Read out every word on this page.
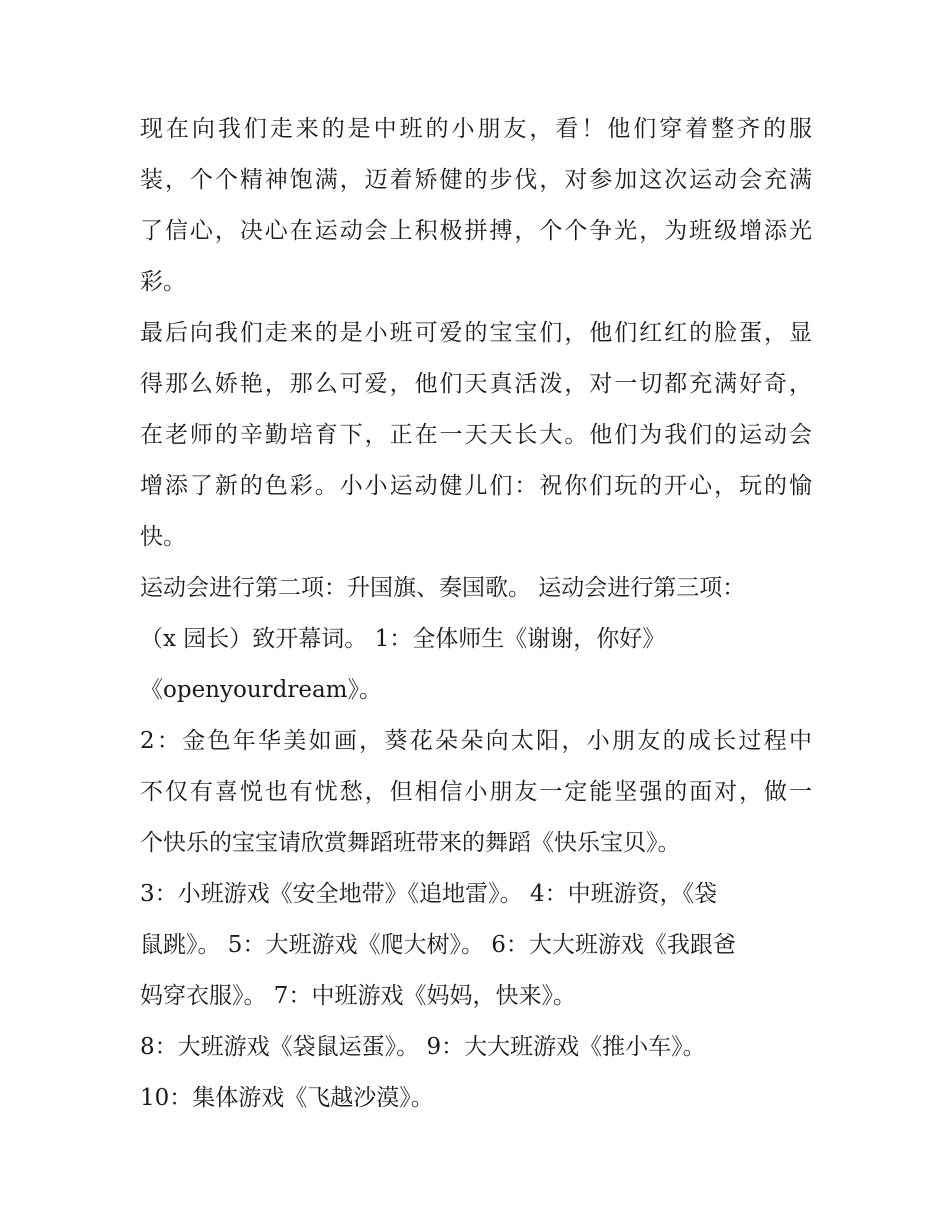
现在向我们走来的是中班的小朋友，看！他们穿着整齐的服
装，个个精神饱满，迈着矫健的步伐，对参加这次运动会充满
了信心，决心在运动会上积极拼搏，个个争光，为班级增添光
彩。
最后向我们走来的是小班可爱的宝宝们，他们红红的脸蛋，显
得那么娇艳，那么可爱，他们天真活泼，对一切都充满好奇，
在老师的辛勤培育下，正在一天天长大。他们为我们的运动会
增添了新的色彩。小小运动健儿们：祝你们玩的开心，玩的愉
快。
运动会进行第二项：升国旗、奏国歌。 运动会进行第三项：
（x 园长）致开幕词。 1：全体师生《谢谢，你好》
《openyourdream》。
2：金色年华美如画，葵花朵朵向太阳，小朋友的成长过程中
不仅有喜悦也有忧愁，但相信小朋友一定能坚强的面对，做一
个快乐的宝宝请欣赏舞蹈班带来的舞蹈《快乐宝贝》。
3：小班游戏《安全地带》《追地雷》。 4：中班游资，《袋
鼠跳》。 5：大班游戏《爬大树》。 6：大大班游戏《我跟爸
妈穿衣服》。 7：中班游戏《妈妈，快来》。
8：大班游戏《袋鼠运蛋》。 9：大大班游戏《推小车》。
10：集体游戏《飞越沙漠》。
